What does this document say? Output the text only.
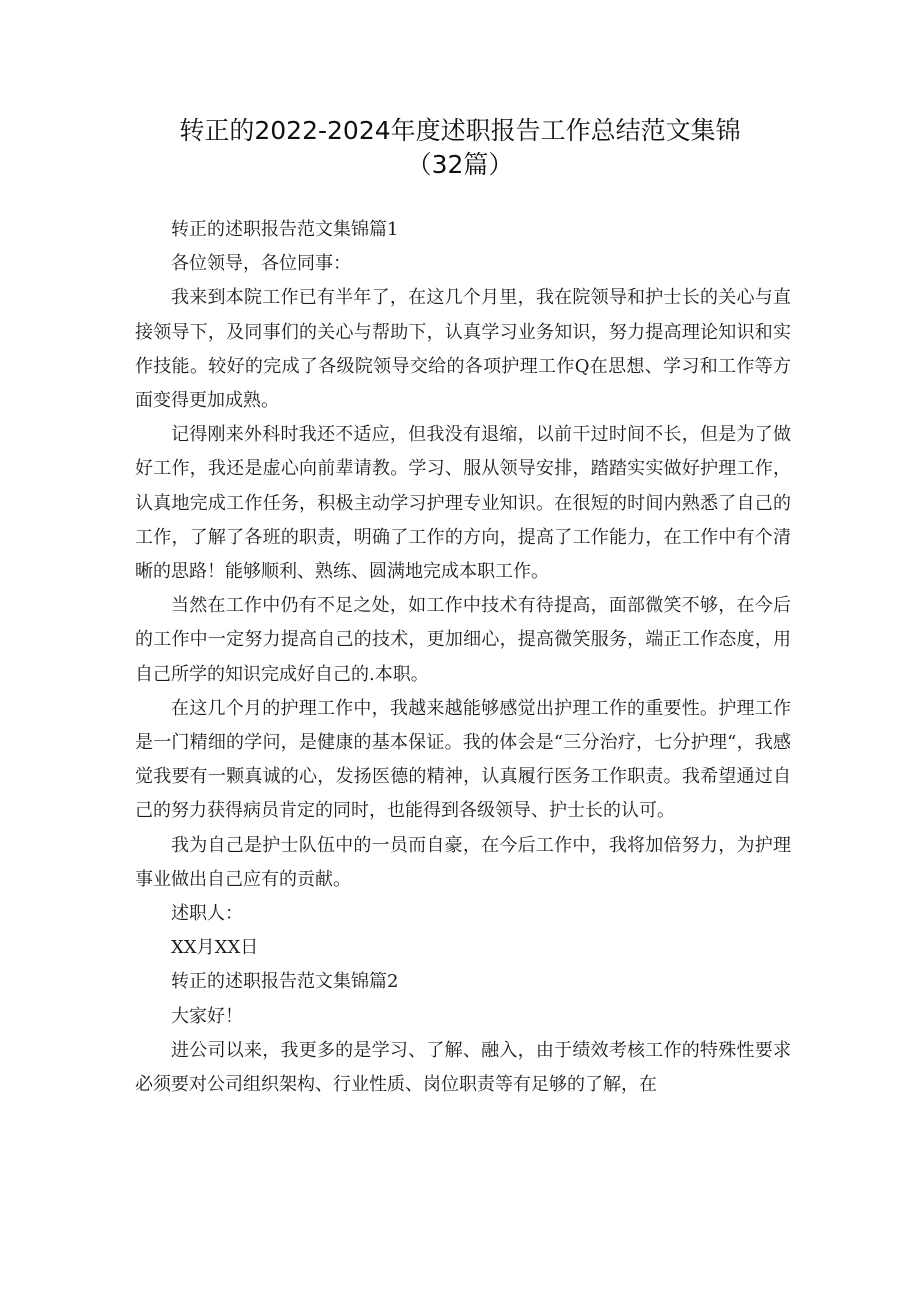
转正的2022-2024年度述职报告工作总结范文集锦
（32篇）

转正的述职报告范文集锦篇1

各位领导，各位同事：

我来到本院工作已有半年了，在这几个月里，我在院领导和护士长的关心与直接领导下，及同事们的关心与帮助下，认真学习业务知识，努力提高理论知识和实作技能。较好的完成了各级院领导交给的各项护理工作Q在思想、学习和工作等方面变得更加成熟。

记得刚来外科时我还不适应，但我没有退缩，以前干过时间不长，但是为了做好工作，我还是虚心向前辈请教。学习、服从领导安排，踏踏实实做好护理工作，认真地完成工作任务，积极主动学习护理专业知识。在很短的时间内熟悉了自己的工作，了解了各班的职责，明确了工作的方向，提高了工作能力，在工作中有个清晰的思路！能够顺利、熟练、圆满地完成本职工作。

当然在工作中仍有不足之处，如工作中技术有待提高，面部微笑不够，在今后的工作中一定努力提高自己的技术，更加细心，提高微笑服务，端正工作态度，用自己所学的知识完成好自己的.本职。

在这几个月的护理工作中，我越来越能够感觉出护理工作的重要性。护理工作是一门精细的学问，是健康的基本保证。我的体会是“三分治疗，七分护理“，我感觉我要有一颗真诚的心，发扬医德的精神，认真履行医务工作职责。我希望通过自己的努力获得病员肯定的同时，也能得到各级领导、护士长的认可。

我为自己是护士队伍中的一员而自豪，在今后工作中，我将加倍努力，为护理事业做出自己应有的贡献。

述职人：

XX月XX日

转正的述职报告范文集锦篇2

大家好！

进公司以来，我更多的是学习、了解、融入，由于绩效考核工作的特殊性要求必须要对公司组织架构、行业性质、岗位职责等有足够的了解，在
